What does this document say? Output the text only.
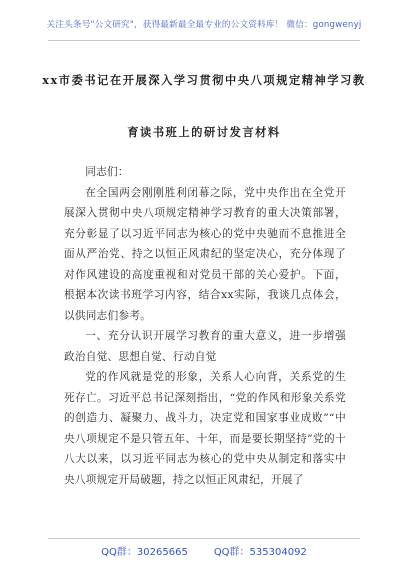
关注头条号"公文研究"，获得最新最全最专业的公文资料库！ 微信：gongwenyj
xx市委书记在开展深入学习贯彻中央八项规定精神学习教
育读书班上的研讨发言材料

同志们：

在全国两会刚刚胜利闭幕之际，党中央作出在全党开展深入贯彻中央八项规定精神学习教育的重大决策部署，充分彰显了以习近平同志为核心的党中央驰而不息推进全面从严治党、持之以恒正风肃纪的坚定决心，充分体现了对作风建设的高度重视和对党员干部的关心爱护。下面，根据本次读书班学习内容，结合xx实际，我谈几点体会，以供同志们参考。

一、充分认识开展学习教育的重大意义，进一步增强政治自觉、思想自觉、行动自觉

党的作风就是党的形象，关系人心向背，关系党的生死存亡。习近平总书记深刻指出，“党的作风和形象关系党的创造力、凝聚力、战斗力，决定党和国家事业成败”“中央八项规定不是只管五年、十年，而是要长期坚持”党的十八大以来，以习近平同志为核心的党中央从制定和落实中央八项规定开局破题，持之以恒正风肃纪，开展了

QQ群：30265665	QQ群：535304092
